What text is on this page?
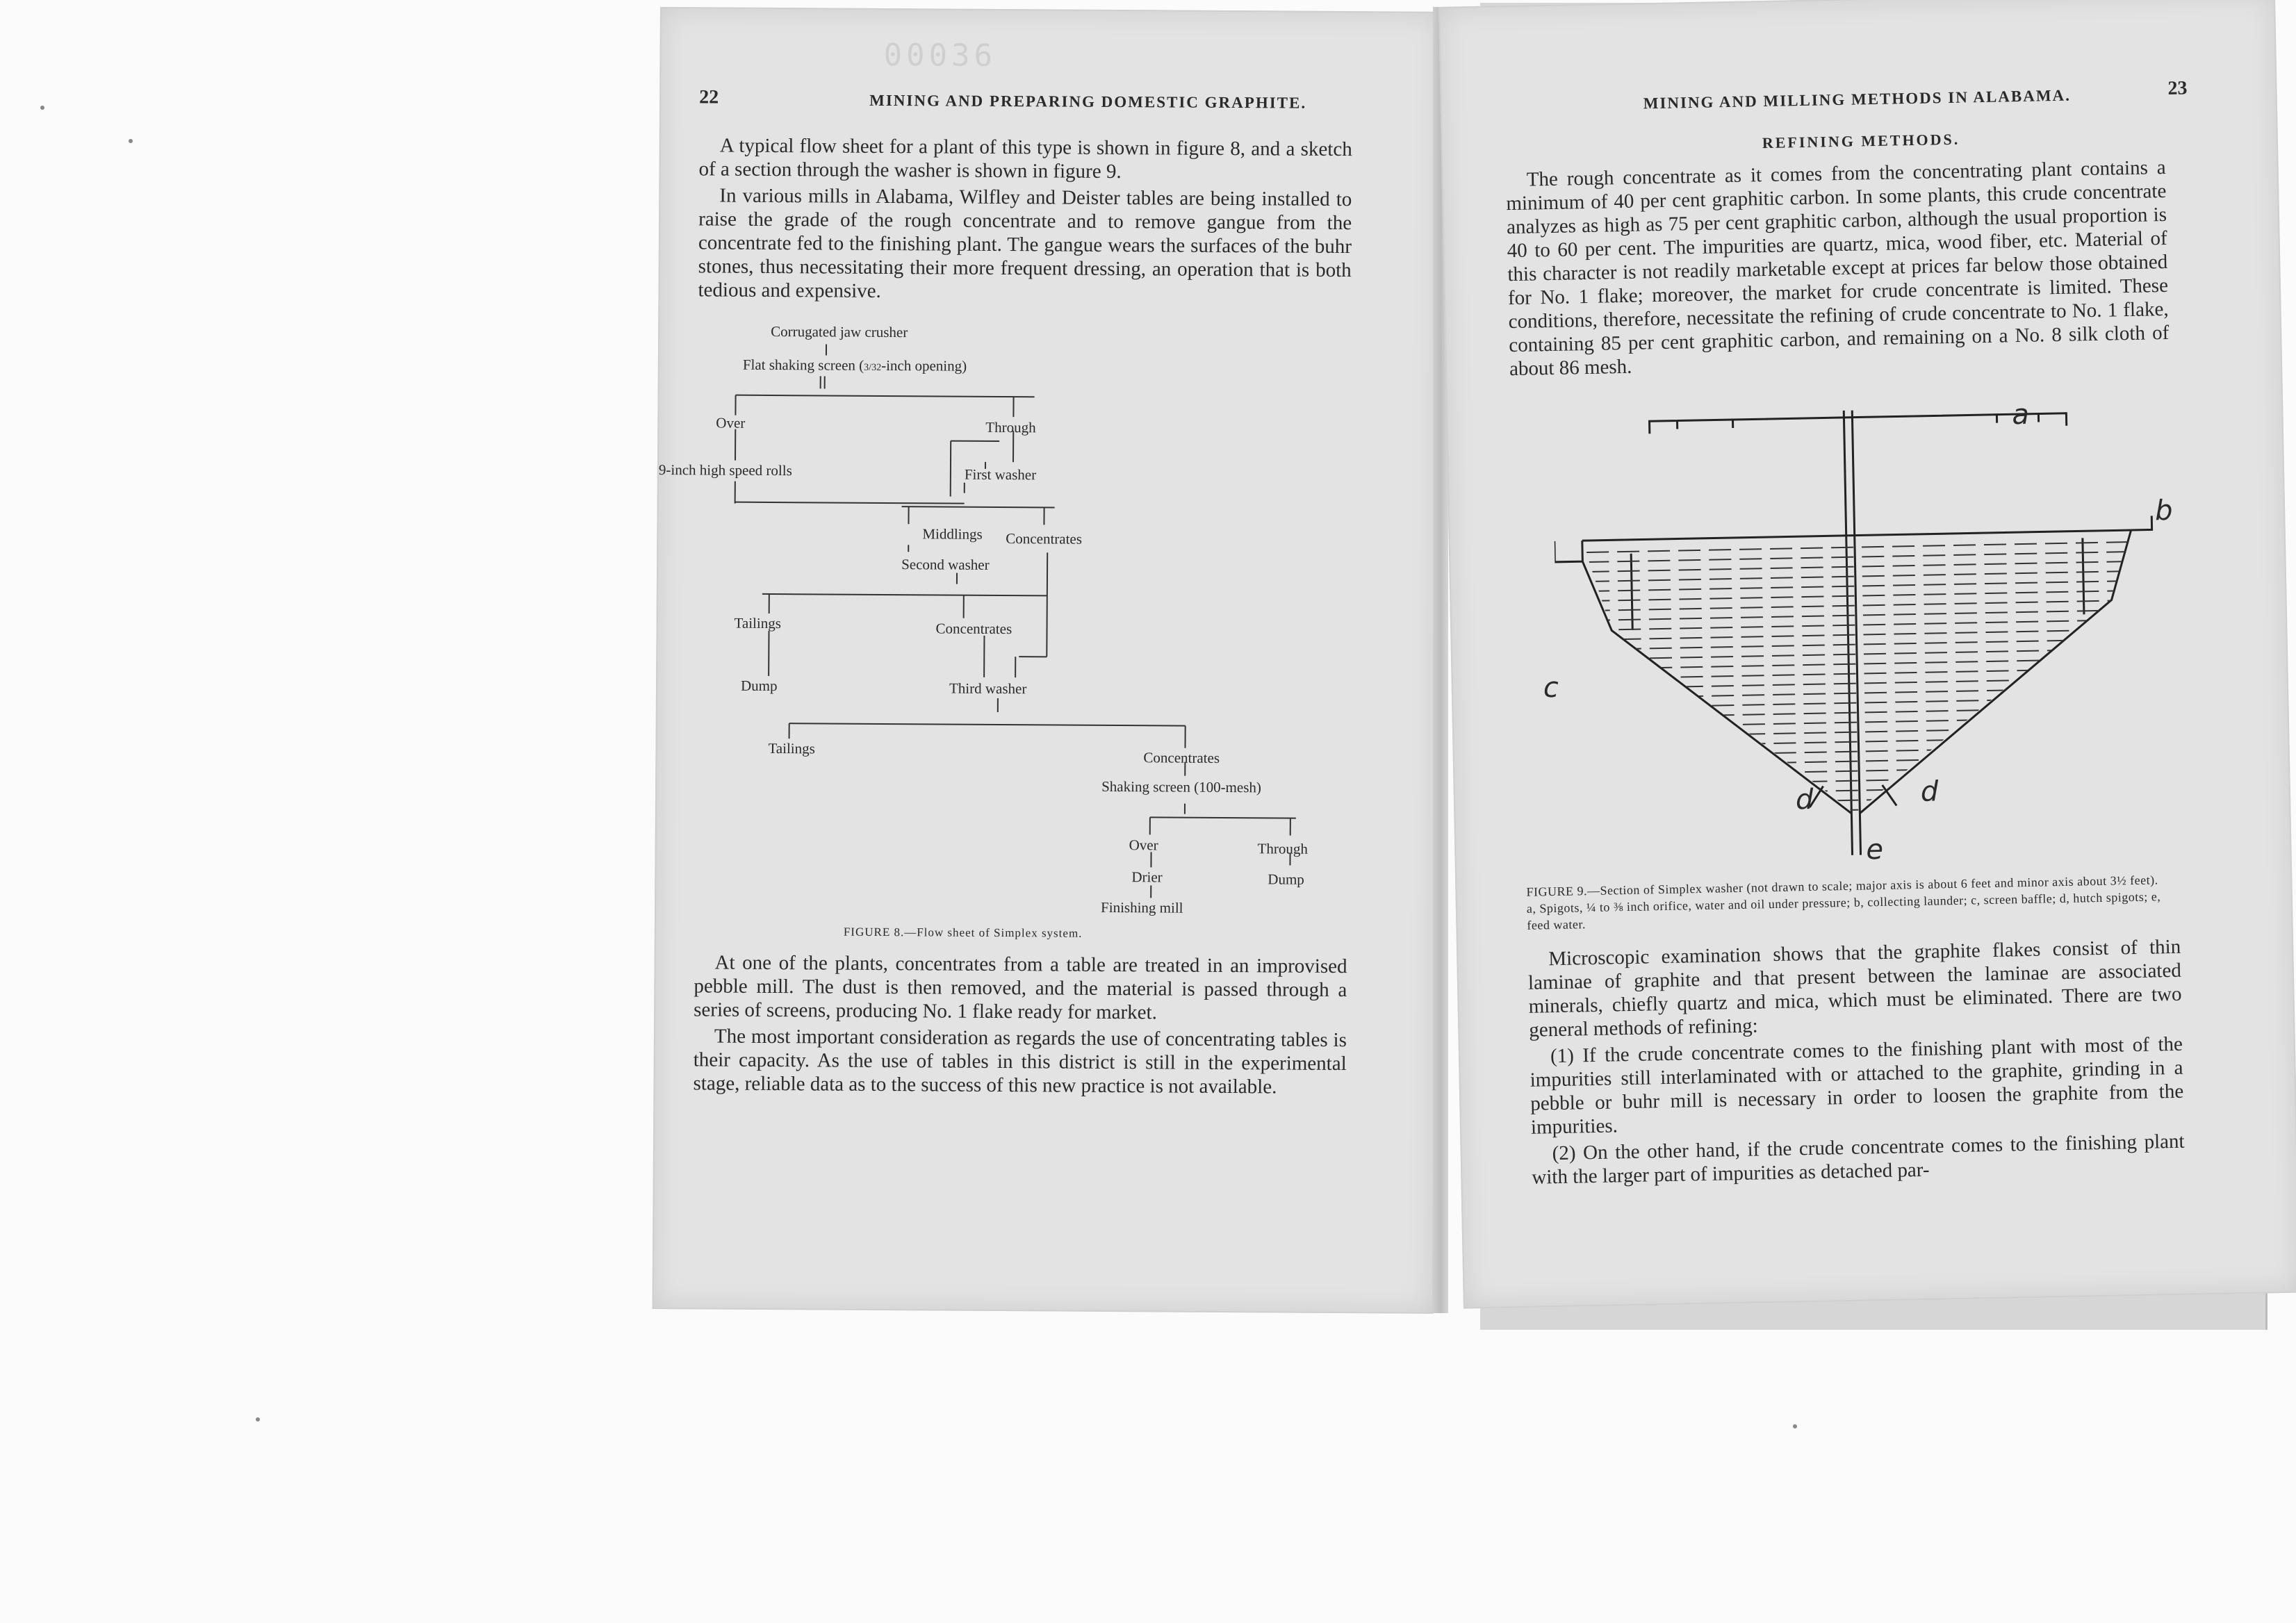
00036
22	MINING AND PREPARING DOMESTIC GRAPHITE.

A typical flow sheet for a plant of this type is shown in figure 8, and a sketch of a section through the washer is shown in figure 9.

In various mills in Alabama, Wilfley and Deister tables are being installed to raise the grade of the rough concentrate and to remove gangue from the concentrate fed to the finishing plant. The gangue wears the surfaces of the buhr stones, thus necessitating their more frequent dressing, an operation that is both tedious and expensive.

Corrugated jaw crusher
Flat shaking screen (3/32-inch opening)
Over	Through
9-inch high speed rolls	First washer
Middlings Concentrates
Second washer
Tailings	Concentrates
Dump	Third washer
Tailings
Concentrates
Shaking screen (100-mesh)
Over	Through
Drier	Dump
Finishing mill
FIGURE 8.—Flow sheet of Simplex system.

At one of the plants, concentrates from a table are treated in an improvised pebble mill. The dust is then removed, and the material is passed through a series of screens, producing No. 1 flake ready for market.

The most important consideration as regards the use of concentrating tables is their capacity. As the use of tables in this district is still in the experimental stage, reliable data as to the success of this new practice is not available.

MINING AND MILLING METHODS IN ALABAMA.	23
REFINING METHODS.

The rough concentrate as it comes from the concentrating plant contains a minimum of 40 per cent graphitic carbon. In some plants, this crude concentrate analyzes as high as 75 per cent graphitic carbon, although the usual proportion is 40 to 60 per cent. The impurities are quartz, mica, wood fiber, etc. Material of this character is not readily marketable except at prices far below those obtained for No. 1 flake; moreover, the market for crude concentrate is limited. These conditions, therefore, necessitate the refining of crude concentrate to No. 1 flake, containing 85 per cent graphitic carbon, and remaining on a No. 8 silk cloth of about 86 mesh.

a
b
c
d	d
e
FIGURE 9.—Section of Simplex washer (not drawn to scale; major axis is about 6 feet and minor axis about 3½ feet). a, Spigots, ¼ to ⅜ inch orifice, water and oil under pressure; b, collecting launder; c, screen baffle; d, hutch spigots; e, feed water.

Microscopic examination shows that the graphite flakes consist of thin laminae of graphite and that present between the laminae are associated minerals, chiefly quartz and mica, which must be eliminated. There are two general methods of refining:

(1) If the crude concentrate comes to the finishing plant with most of the impurities still interlaminated with or attached to the graphite, grinding in a pebble or buhr mill is necessary in order to loosen the graphite from the impurities.

(2) On the other hand, if the crude concentrate comes to the finishing plant with the larger part of impurities as detached par-
